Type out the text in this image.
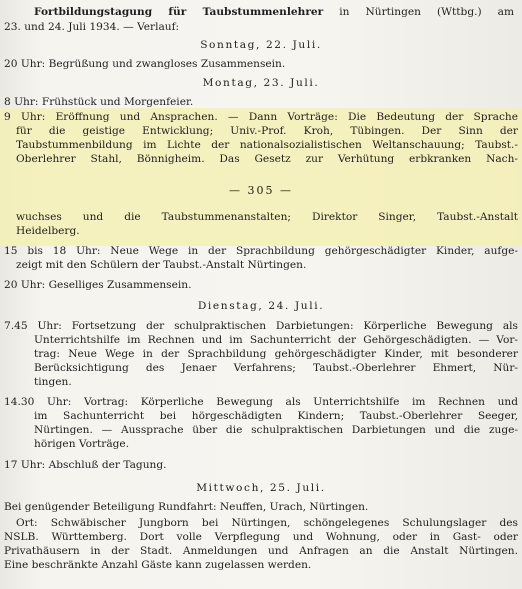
Fortbildungstagung für Taubstummenlehrer in Nürtingen (Wttbg.) am
23. und 24. Juli 1934. — Verlauf:
Sonntag, 22. Juli.
20 Uhr: Begrüßung und zwangloses Zusammensein.
Montag, 23. Juli.
8 Uhr: Frühstück und Morgenfeier.
9 Uhr: Eröffnung und Ansprachen. — Dann Vorträge: Die Bedeutung der Sprache
für die geistige Entwicklung; Univ.-Prof. Kroh, Tübingen. Der Sinn der
Taubstummenbildung im Lichte der nationalsozialistischen Weltanschauung; Taubst.-
Oberlehrer Stahl, Bönnigheim. Das Gesetz zur Verhütung erbkranken Nach-
— 305 —
wuchses und die Taubstummenanstalten; Direktor Singer, Taubst.-Anstalt
Heidelberg.
15 bis 18 Uhr: Neue Wege in der Sprachbildung gehörgeschädigter Kinder, aufge-
zeigt mit den Schülern der Taubst.-Anstalt Nürtingen.
20 Uhr: Geselliges Zusammensein.
Dienstag, 24. Juli.
7.45 Uhr: Fortsetzung der schulpraktischen Darbietungen: Körperliche Bewegung als
Unterrichtshilfe im Rechnen und im Sachunterricht der Gehörgeschädigten. — Vor-
trag: Neue Wege in der Sprachbildung gehörgeschädigter Kinder, mit besonderer
Berücksichtigung des Jenaer Verfahrens; Taubst.-Oberlehrer Ehmert, Nür-
tingen.
14.30 Uhr: Vortrag: Körperliche Bewegung als Unterrichtshilfe im Rechnen und
im Sachunterricht bei hörgeschädigten Kindern; Taubst.-Oberlehrer Seeger,
Nürtingen. — Aussprache über die schulpraktischen Darbietungen und die zuge-
hörigen Vorträge.
17 Uhr: Abschluß der Tagung.
Mittwoch, 25. Juli.
Bei genügender Beteiligung Rundfahrt: Neuffen, Urach, Nürtingen.
Ort: Schwäbischer Jungborn bei Nürtingen, schöngelegenes Schulungslager des
NSLB. Württemberg. Dort volle Verpflegung und Wohnung, oder in Gast- oder
Privathäusern in der Stadt. Anmeldungen und Anfragen an die Anstalt Nürtingen.
Eine beschränkte Anzahl Gäste kann zugelassen werden.
